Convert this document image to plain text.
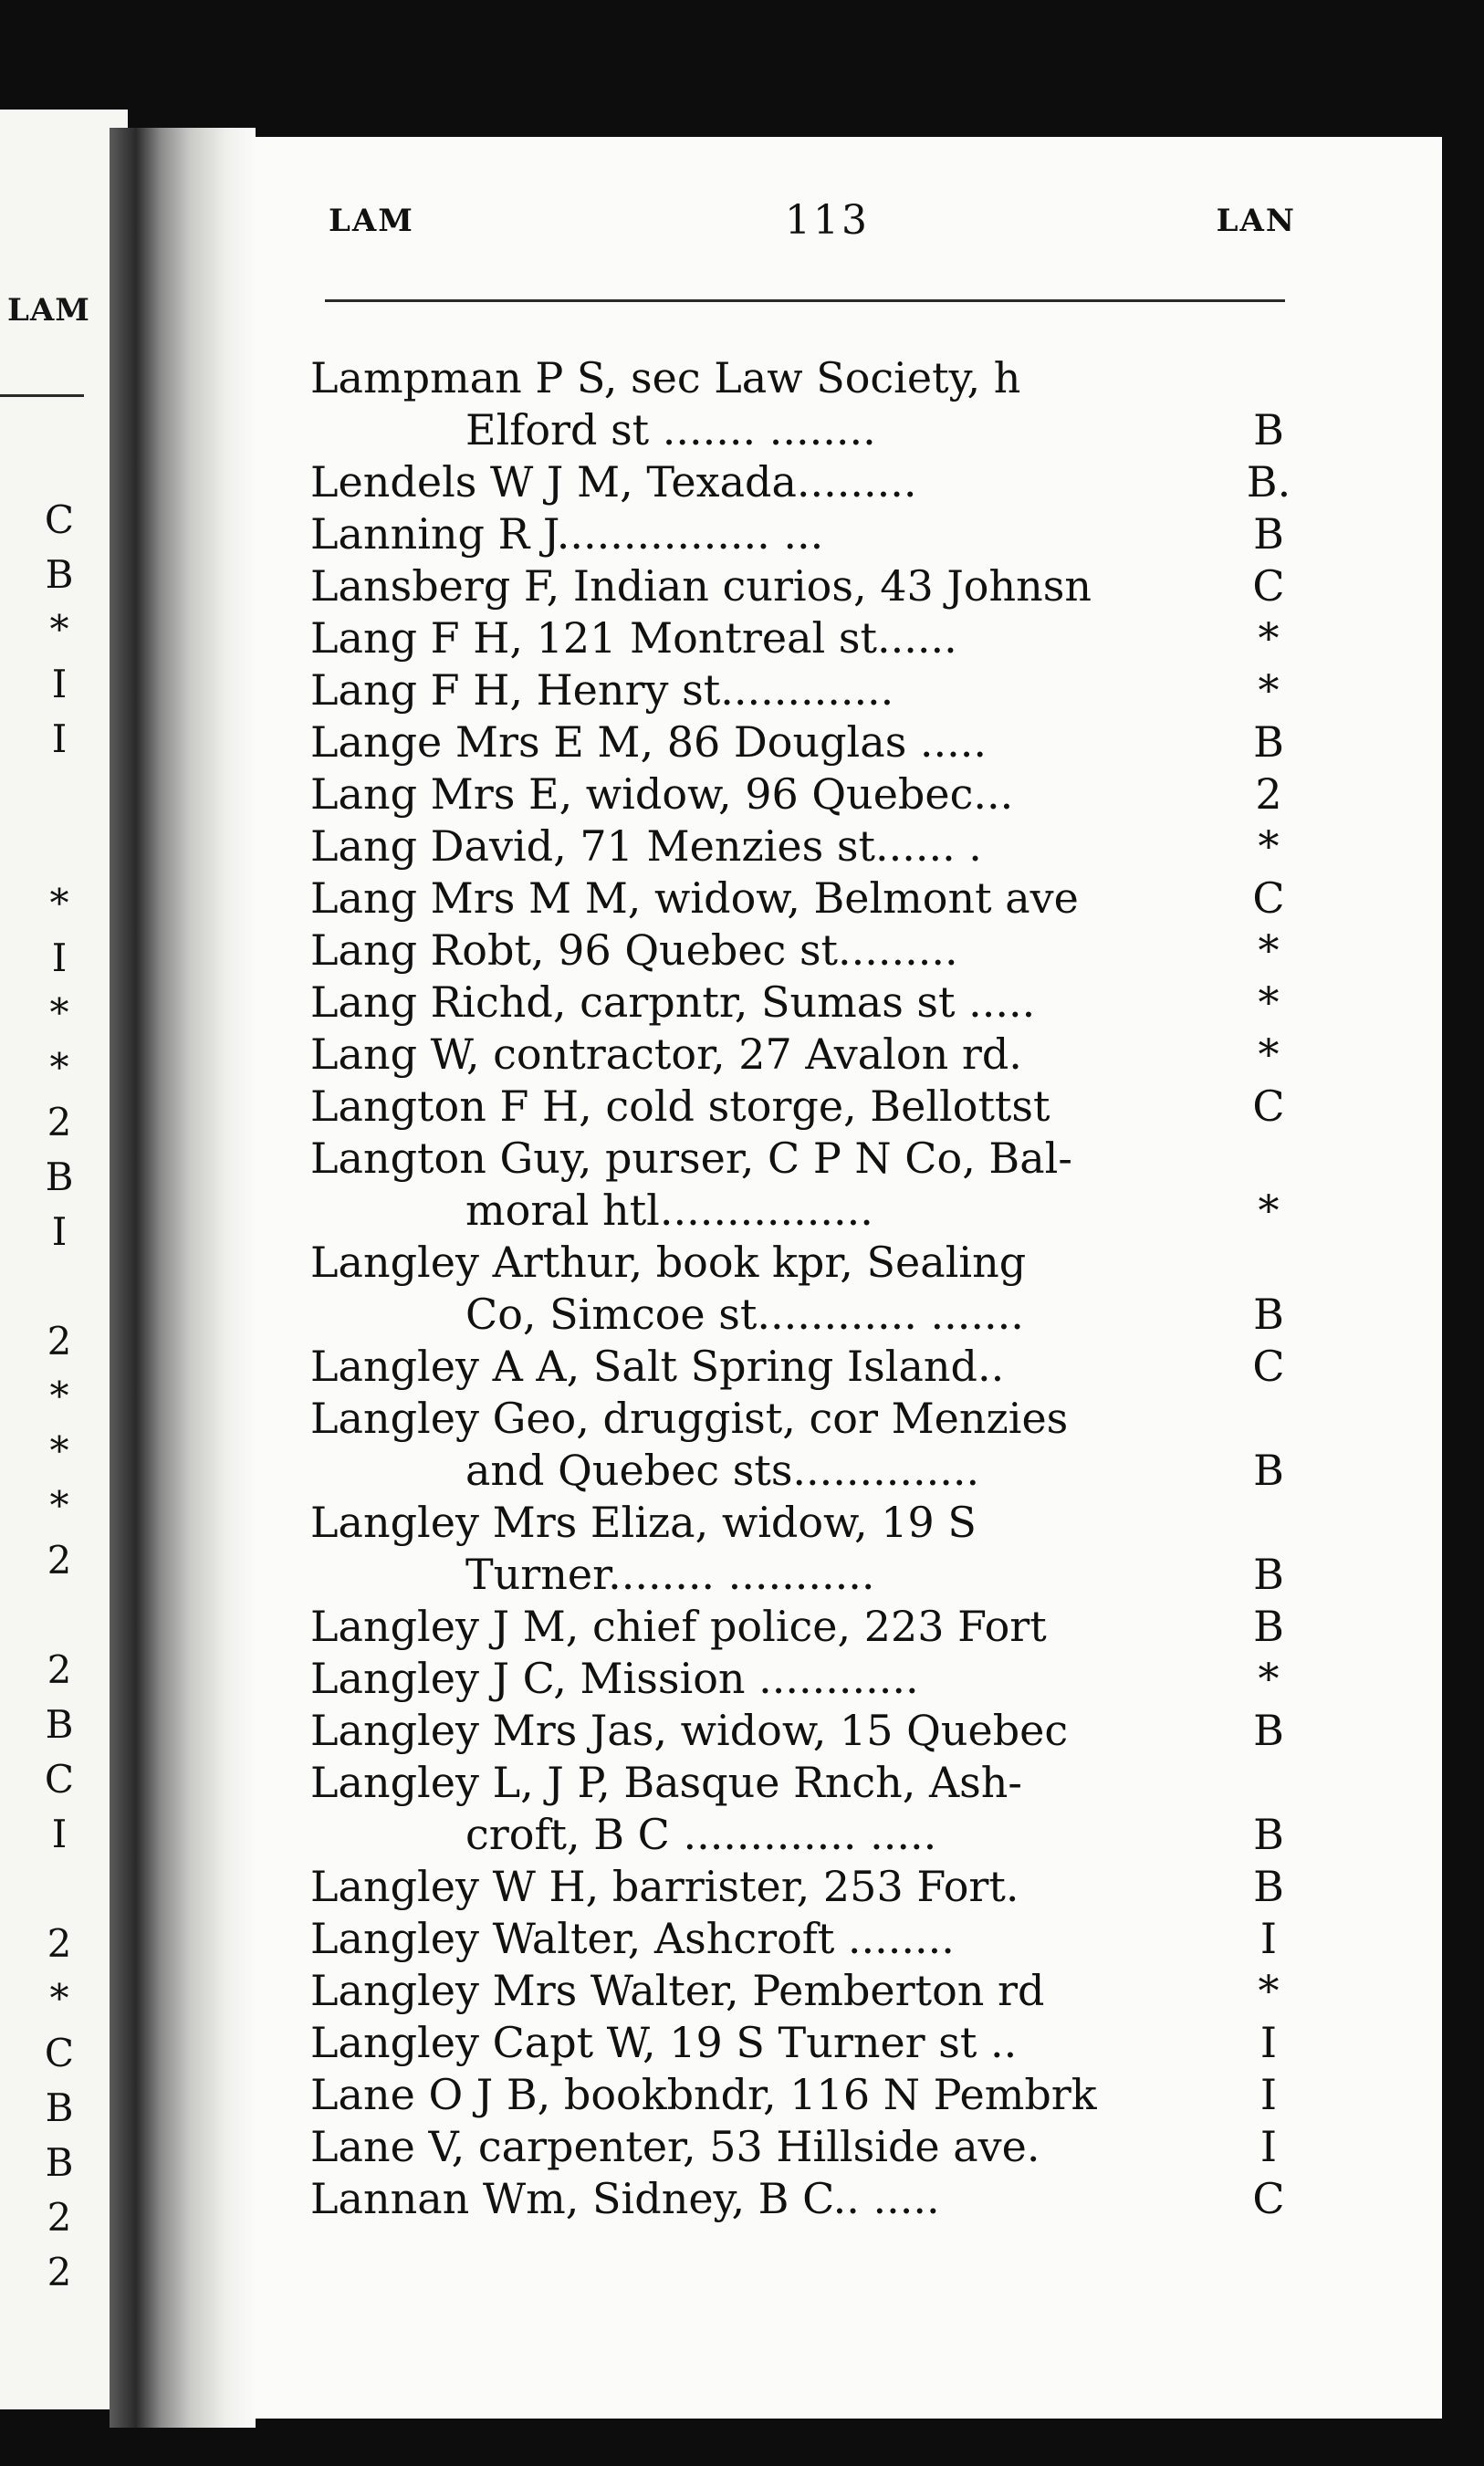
LAM

C
B
*
I
I
*
I
*
*
2
B
I
2
*
*
*
2
2
B
C
I
2
*
C
B
B
2
2

LAM	113	LAN

Lampman P S, sec Law Society, h
Elford st ....... ........	B
Lendels W J M, Texada.........	B.
Lanning R J................ ...	B
Lansberg F, Indian curios, 43 Johnsn	C
Lang F H, 121 Montreal st......	*
Lang F H, Henry st.............	*
Lange Mrs E M, 86 Douglas .....	B
Lang Mrs E, widow, 96 Quebec...	2
Lang David, 71 Menzies st...... .	*
Lang Mrs M M, widow, Belmont ave	C
Lang Robt, 96 Quebec st.........	*
Lang Richd, carpntr, Sumas st .....	*
Lang W, contractor, 27 Avalon rd.	*
Langton F H, cold storge, Bellottst	C
Langton Guy, purser, C P N Co, Bal-
moral htl................	*
Langley Arthur, book kpr, Sealing
Co, Simcoe st............ .......	B
Langley A A, Salt Spring Island..	C
Langley Geo, druggist, cor Menzies
and Quebec sts..............	B
Langley Mrs Eliza, widow, 19 S
Turner........ ...........	B
Langley J M, chief police, 223 Fort	B
Langley J C, Mission ............	*
Langley Mrs Jas, widow, 15 Quebec	B
Langley L, J P, Basque Rnch, Ash-
croft, B C ............. .....	B
Langley W H, barrister, 253 Fort.	B
Langley Walter, Ashcroft ........	I
Langley Mrs Walter, Pemberton rd	*
Langley Capt W, 19 S Turner st ..	I
Lane O J B, bookbndr, 116 N Pembrk	I
Lane V, carpenter, 53 Hillside ave.	I
Lannan Wm, Sidney, B C.. .....	C
